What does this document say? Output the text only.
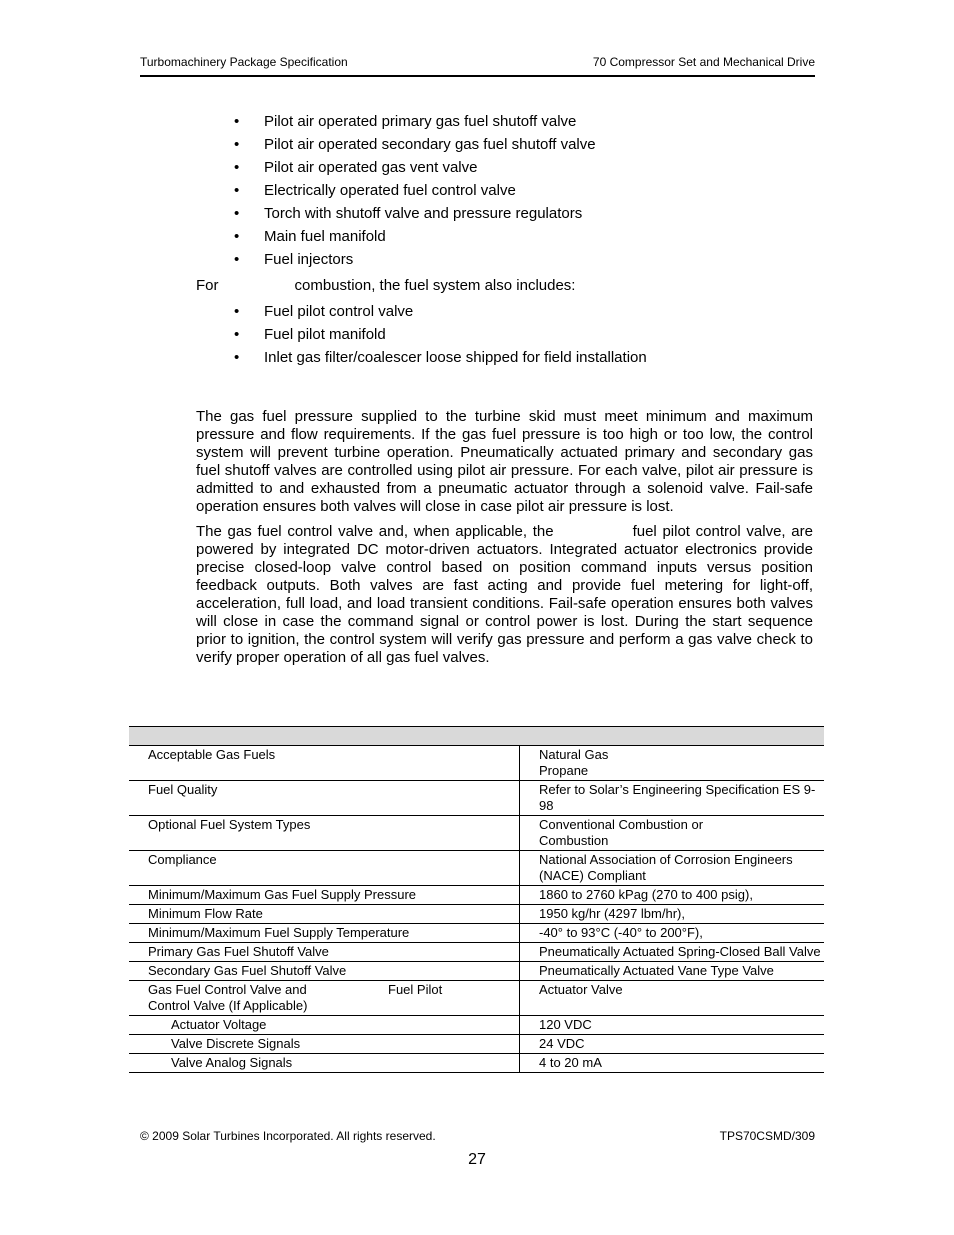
Turbomachinery Package Specification	70 Compressor Set and Mechanical Drive
• Pilot air operated primary gas fuel shutoff valve
• Pilot air operated secondary gas fuel shutoff valve
• Pilot air operated gas vent valve
• Electrically operated fuel control valve
• Torch with shutoff valve and pressure regulators
• Main fuel manifold
• Fuel injectors
For	combustion, the fuel system also includes:
• Fuel pilot control valve
• Fuel pilot manifold
• Inlet gas filter/coalescer loose shipped for field installation

The gas fuel pressure supplied to the turbine skid must meet minimum and maximum pressure and flow requirements. If the gas fuel pressure is too high or too low, the control system will prevent turbine operation. Pneumatically actuated primary and secondary gas fuel shutoff valves are controlled using pilot air pressure. For each valve, pilot air pressure is admitted to and exhausted from a pneumatic actuator through a solenoid valve. Fail-safe operation ensures both valves will close in case pilot air pressure is lost.

The gas fuel control valve and, when applicable, the	fuel pilot control valve, are powered by integrated DC motor-driven actuators. Integrated actuator electronics provide precise closed-loop valve control based on position command inputs versus position feedback outputs. Both valves are fast acting and provide fuel metering for light-off, acceleration, full load, and load transient conditions. Fail-safe operation ensures both valves will close in case the command signal or control power is lost. During the start sequence prior to ignition, the control system will verify gas pressure and perform a gas valve check to verify proper operation of all gas fuel valves.

Acceptable Gas Fuels	Natural Gas
Propane

Fuel Quality	Refer to Solar’s Engineering Specification ES 9-98

Optional Fuel System Types	Conventional Combustion or
Combustion

Compliance	National Association of Corrosion Engineers
(NACE) Compliant

Minimum/Maximum Gas Fuel Supply Pressure	1860 to 2760 kPag (270 to 400 psig),

Minimum Flow Rate	1950 kg/hr (4297 lbm/hr),

Minimum/Maximum Fuel Supply Temperature	-40° to 93°C (-40° to 200°F),

Primary Gas Fuel Shutoff Valve	Pneumatically Actuated Spring-Closed Ball Valve

Secondary Gas Fuel Shutoff Valve	Pneumatically Actuated Vane Type Valve

Gas Fuel Control Valve and Fuel Pilot
Control Valve (If Applicable)	Actuator Valve
Actuator Voltage	120 VDC
Valve Discrete Signals	24 VDC
Valve Analog Signals	4 to 20 mA
© 2009 Solar Turbines Incorporated. All rights reserved.	TPS70CSMD/309
27
